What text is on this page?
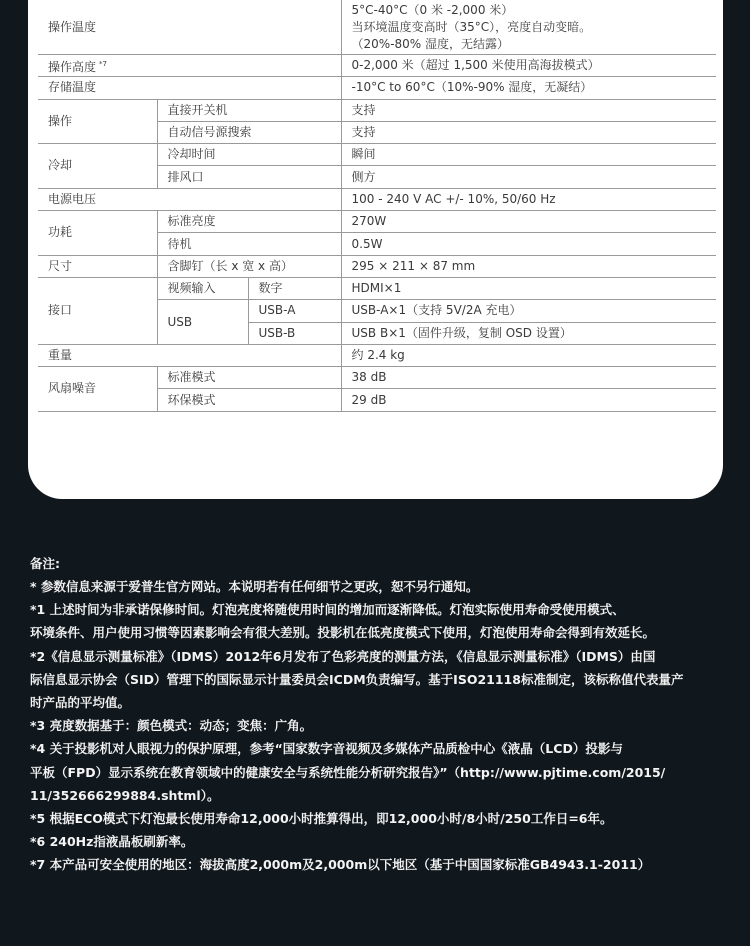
操作温度			5°C-40°C（0 米 -2,000 米）
当环境温度变高时（35°C），亮度自动变暗。
（20%-80% 湿度，无结露）

操作高度 $^{*7}$			0-2,000 米（超过 1,500 米使用高海拔模式）
存储温度			-10°C to 60°C（10%-90% 湿度，无凝结）
操作	直接开关机		支持
	自动信号源搜索		支持
冷却	冷却时间		瞬间
	排风口		侧方
电源电压			100 - 240 V AC +/- 10%, 50/60 Hz
功耗	标准亮度		270W
	待机		0.5W
尺寸	含脚钉（长 x 宽 x 高）		295 × 211 × 87 mm
接口	视频输入	数字	HDMI×1
	USB	USB-A	USB-A×1（支持 5V/2A 充电）
		USB-B	USB B×1（固件升级，复制 OSD 设置）
重量			约 2.4 kg
风扇噪音	标准模式		38 dB
	环保模式		29 dB
备注:
* 参数信息来源于爱普生官方网站。本说明若有任何细节之更改，恕不另行通知。
*1 上述时间为非承诺保修时间。灯泡亮度将随使用时间的增加而逐渐降低。灯泡实际使用寿命受使用模式、
环境条件、用户使用习惯等因素影响会有很大差别。投影机在低亮度模式下使用，灯泡使用寿命会得到有效延长。
*2《信息显示测量标准》（IDMS）2012年6月发布了色彩亮度的测量方法，《信息显示测量标准》（IDMS）由国
际信息显示协会（SID）管理下的国际显示计量委员会ICDM负责编写。基于ISO21118标准制定，该标称值代表量产
时产品的平均值。
*3 亮度数据基于：颜色模式：动态；变焦：广角。
*4 关于投影机对人眼视力的保护原理，参考“国家数字音视频及多媒体产品质检中心《液晶（LCD）投影与
平板（FPD）显示系统在教育领域中的健康安全与系统性能分析研究报告》”（http://www.pjtime.com/2015/
11/352666299884.shtml）。
*5 根据ECO模式下灯泡最长使用寿命12,000小时推算得出，即12,000小时/8小时/250工作日=6年。
*6 240Hz指液晶板刷新率。
*7 本产品可安全使用的地区：海拔高度2,000m及2,000m以下地区（基于中国国家标准GB4943.1-2011）
